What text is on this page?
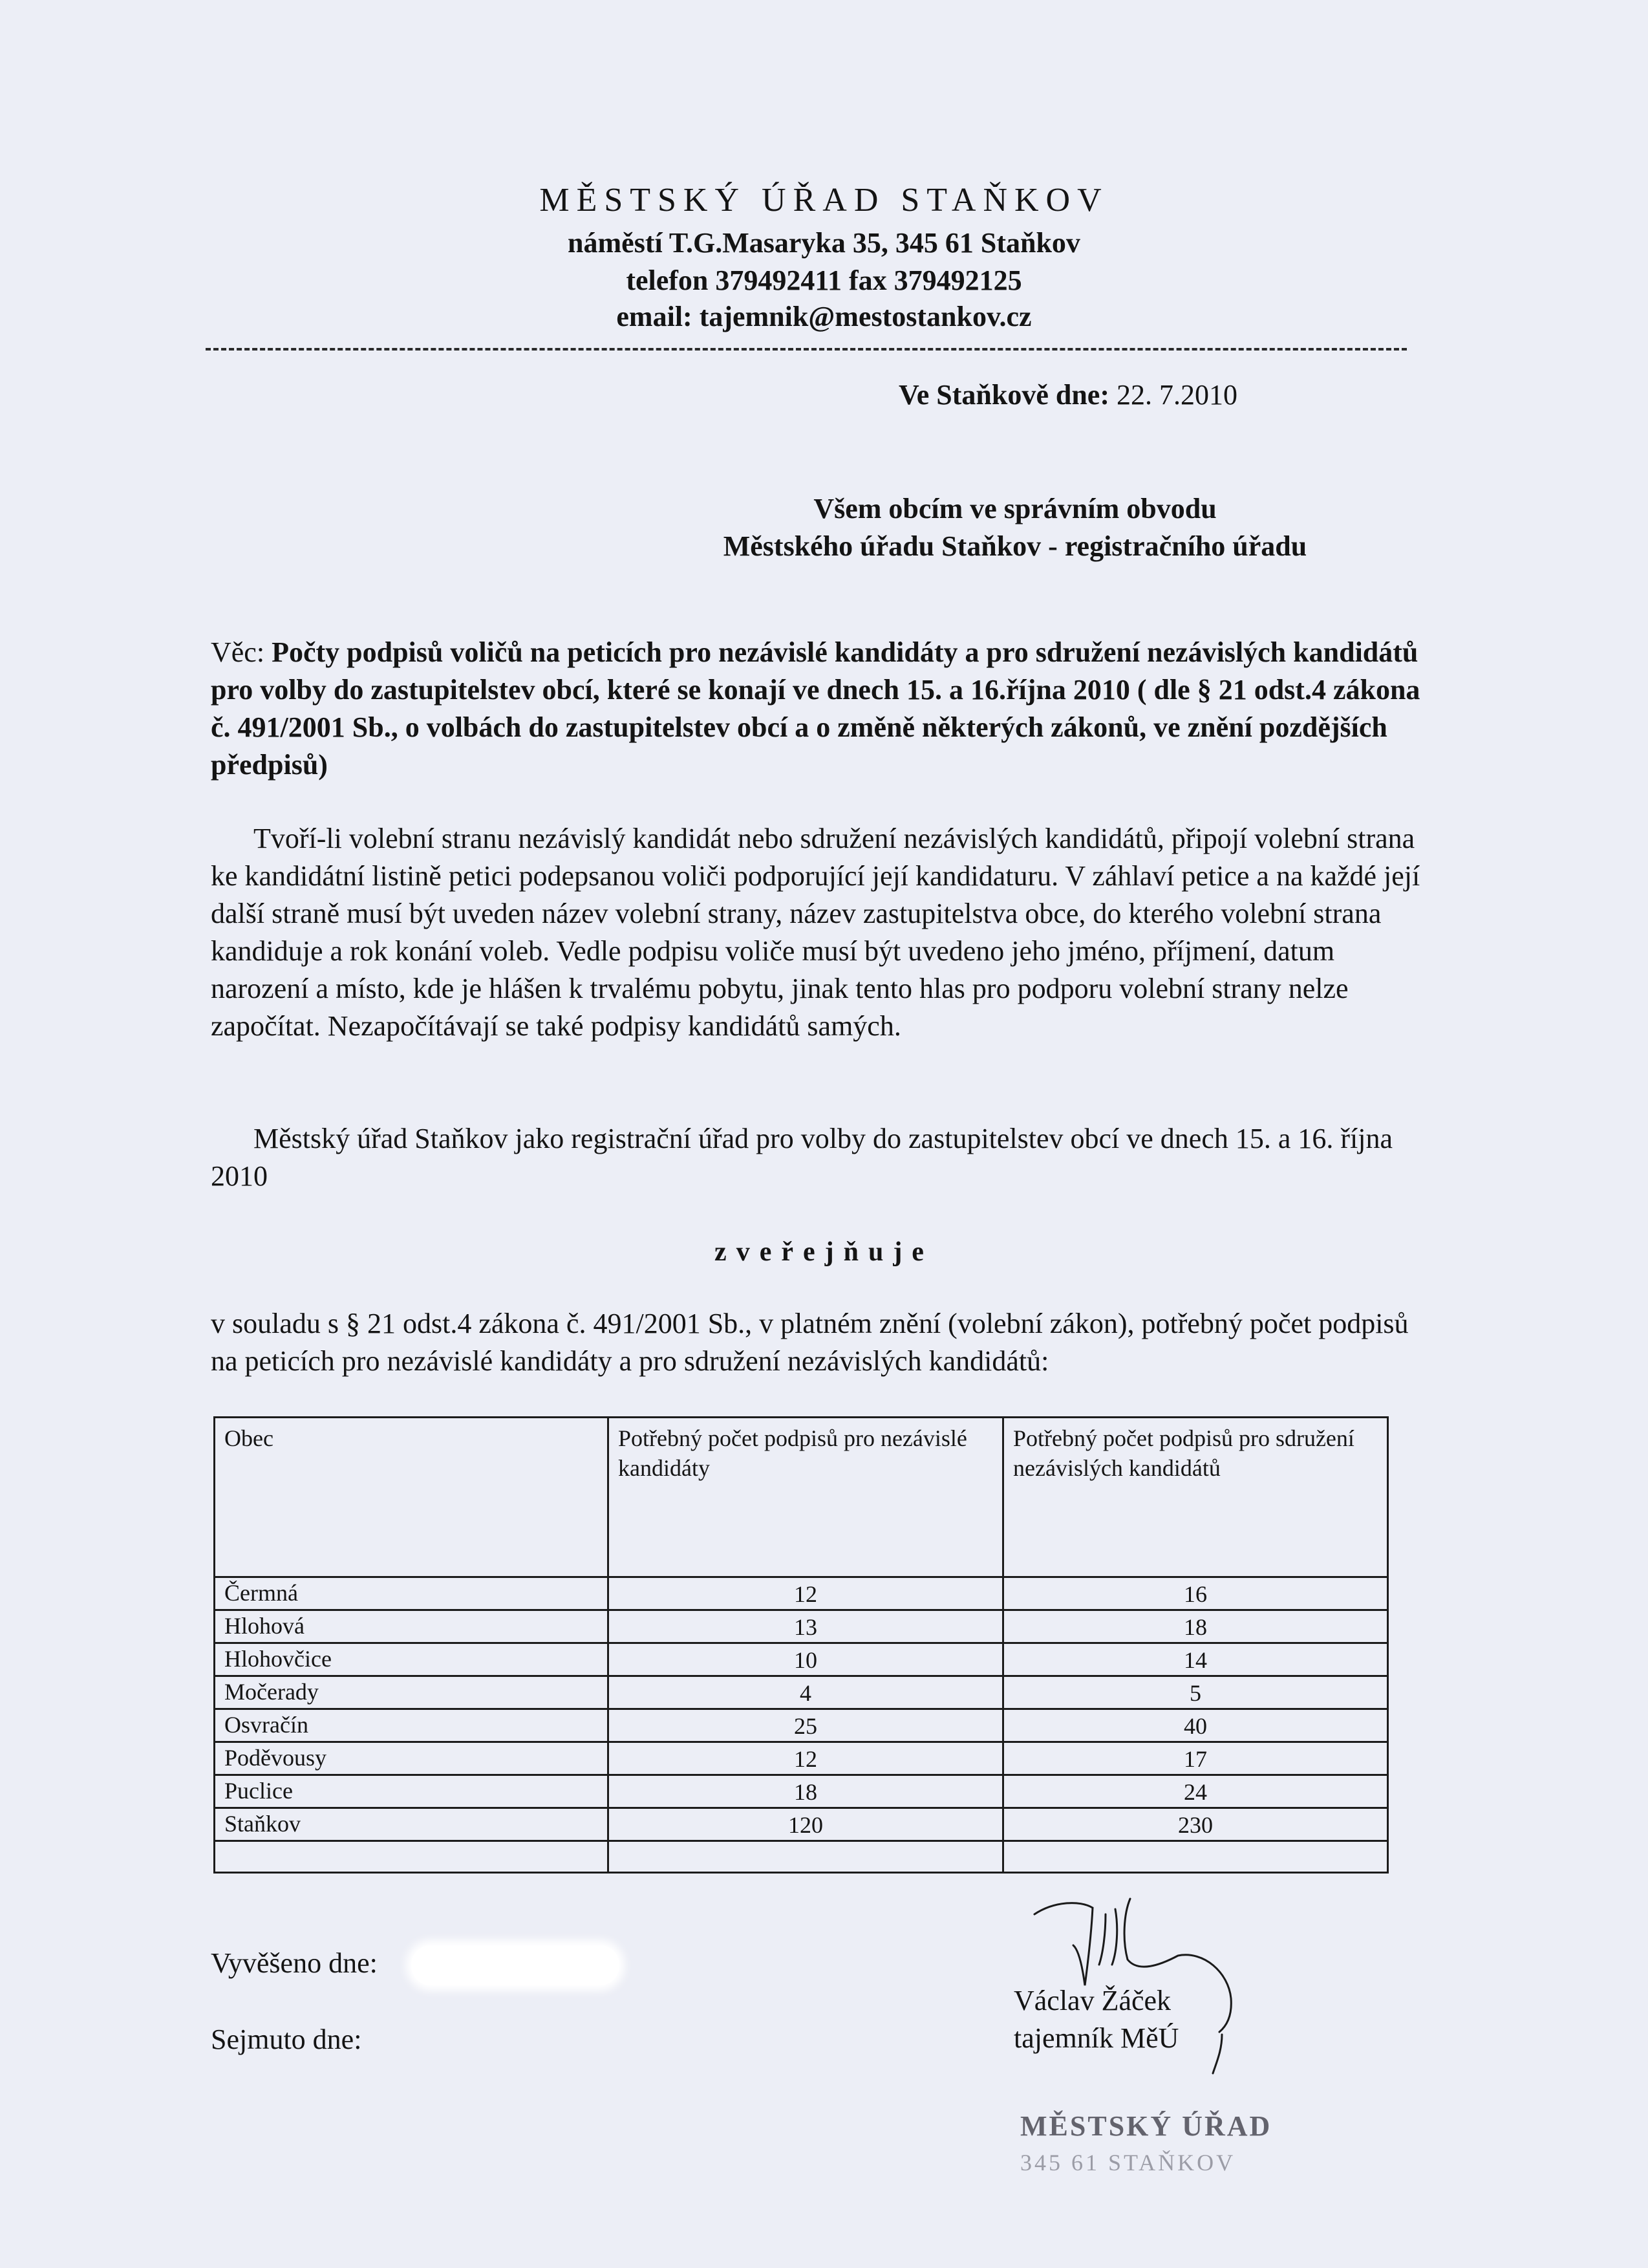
MĚSTSKÝ ÚŘAD STAŇKOV
náměstí T.G.Masaryka 35, 345 61 Staňkov
telefon 379492411 fax 379492125
email: tajemnik@mestostankov.cz
Ve Staňkově dne: 22. 7.2010
Všem obcím ve správním obvodu
Městského úřadu Staňkov - registračního úřadu
Věc: Počty podpisů voličů na peticích pro nezávislé kandidáty a pro sdružení nezávislých kandidátů pro volby do zastupitelstev obcí, které se konají ve dnech 15. a 16.října 2010 ( dle § 21 odst.4 zákona č. 491/2001 Sb., o volbách do zastupitelstev obcí a o změně některých zákonů, ve znění pozdějších předpisů)

Tvoří-li volební stranu nezávislý kandidát nebo sdružení nezávislých kandidátů, připojí volební strana ke kandidátní listině petici podepsanou voliči podporující její kandidaturu. V záhlaví petice a na každé její další straně musí být uveden název volební strany, název zastupitelstva obce, do kterého volební strana kandiduje a rok konání voleb. Vedle podpisu voliče musí být uvedeno jeho jméno, příjmení, datum narození a místo, kde je hlášen k trvalému pobytu, jinak tento hlas pro podporu volební strany nelze započítat. Nezapočítávají se také podpisy kandidátů samých.

Městský úřad Staňkov jako registrační úřad pro volby do zastupitelstev obcí ve dnech 15. a 16. října 2010

zveřejňuje

v souladu s § 21 odst.4 zákona č. 491/2001 Sb., v platném znění (volební zákon), potřebný počet podpisů na peticích pro nezávislé kandidáty a pro sdružení nezávislých kandidátů:

Obec	Potřebný počet podpisů pro nezávislé kandidáty	Potřebný počet podpisů pro sdružení nezávislých kandidátů
Čermná	12	16
Hlohová	13	18
Hlohovčice	10	14
Močerady	4	5
Osvračín	25	40
Poděvousy	12	17
Puclice	18	24
Staňkov	120	230

Vyvěšeno dne:
Sejmuto dne:
Václav Žáček
tajemník MěÚ
MĚSTSKÝ ÚŘAD
345 61 STAŇKOV
